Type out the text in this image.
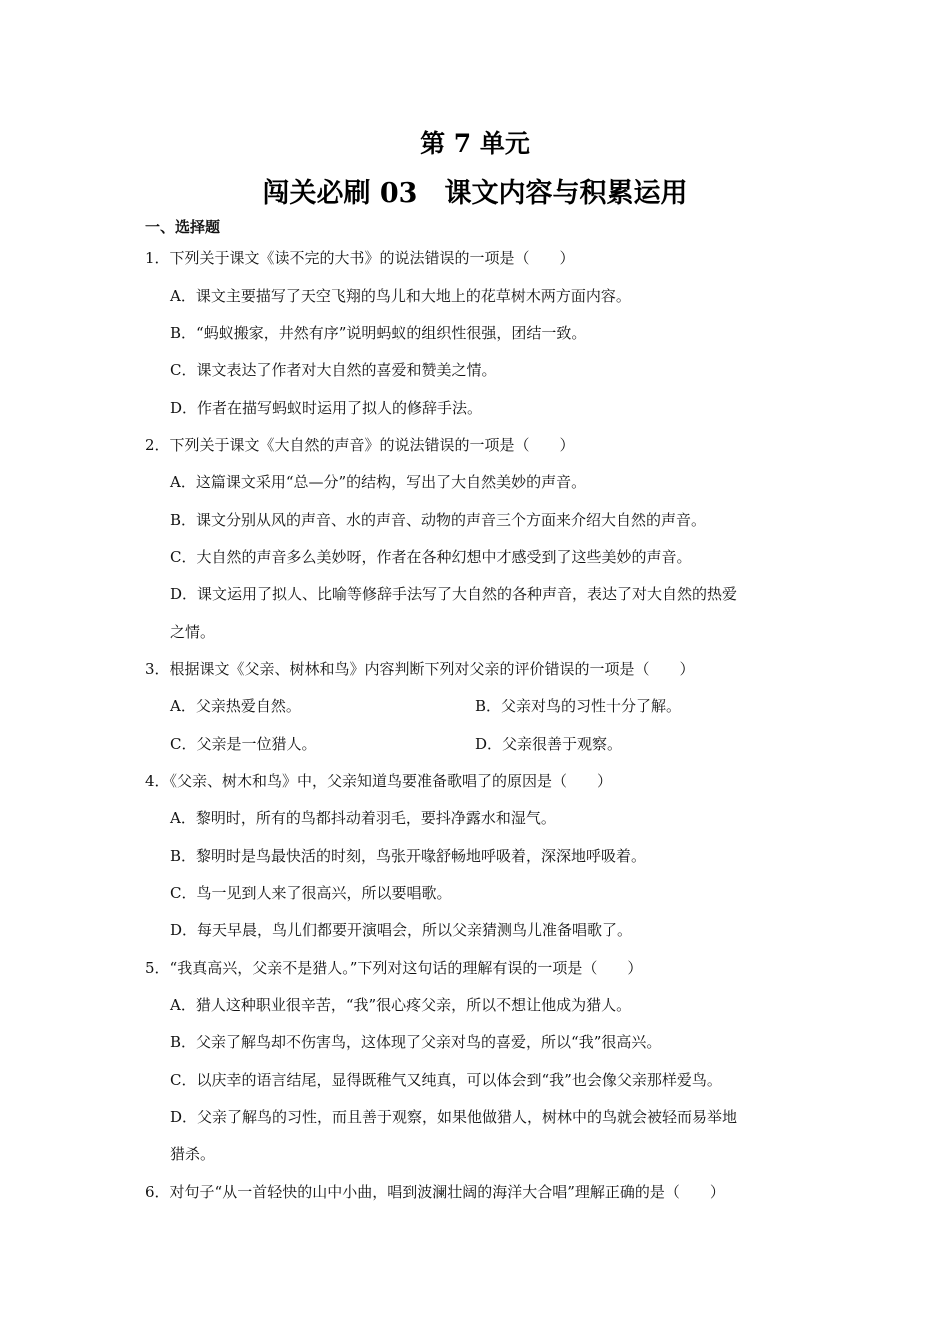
第 7 单元
闯关必刷 03　课文内容与积累运用
一、选择题
1．下列关于课文《读不完的大书》的说法错误的一项是（　　）
A．课文主要描写了天空飞翔的鸟儿和大地上的花草树木两方面内容。
B．“蚂蚁搬家，井然有序”说明蚂蚁的组织性很强，团结一致。
C．课文表达了作者对大自然的喜爱和赞美之情。
D．作者在描写蚂蚁时运用了拟人的修辞手法。
2．下列关于课文《大自然的声音》的说法错误的一项是（　　）
A．这篇课文采用“总—分”的结构，写出了大自然美妙的声音。
B．课文分别从风的声音、水的声音、动物的声音三个方面来介绍大自然的声音。
C．大自然的声音多么美妙呀，作者在各种幻想中才感受到了这些美妙的声音。
D．课文运用了拟人、比喻等修辞手法写了大自然的各种声音，表达了对大自然的热爱
之情。
3．根据课文《父亲、树林和鸟》内容判断下列对父亲的评价错误的一项是（　　）
A．父亲热爱自然。	B．父亲对鸟的习性十分了解。
C．父亲是一位猎人。	D．父亲很善于观察。
4．《父亲、树木和鸟》中，父亲知道鸟要准备歌唱了的原因是（　　）
A．黎明时，所有的鸟都抖动着羽毛，要抖净露水和湿气。
B．黎明时是鸟最快活的时刻，鸟张开喙舒畅地呼吸着，深深地呼吸着。
C．鸟一见到人来了很高兴，所以要唱歌。
D．每天早晨，鸟儿们都要开演唱会，所以父亲猜测鸟儿准备唱歌了。
5．“我真高兴，父亲不是猎人。”下列对这句话的理解有误的一项是（　　）
A．猎人这种职业很辛苦，“我”很心疼父亲，所以不想让他成为猎人。
B．父亲了解鸟却不伤害鸟，这体现了父亲对鸟的喜爱，所以“我”很高兴。
C．以庆幸的语言结尾，显得既稚气又纯真，可以体会到“我”也会像父亲那样爱鸟。
D．父亲了解鸟的习性，而且善于观察，如果他做猎人，树林中的鸟就会被轻而易举地
猎杀。
6．对句子“从一首轻快的山中小曲，唱到波澜壮阔的海洋大合唱”理解正确的是（　　）
